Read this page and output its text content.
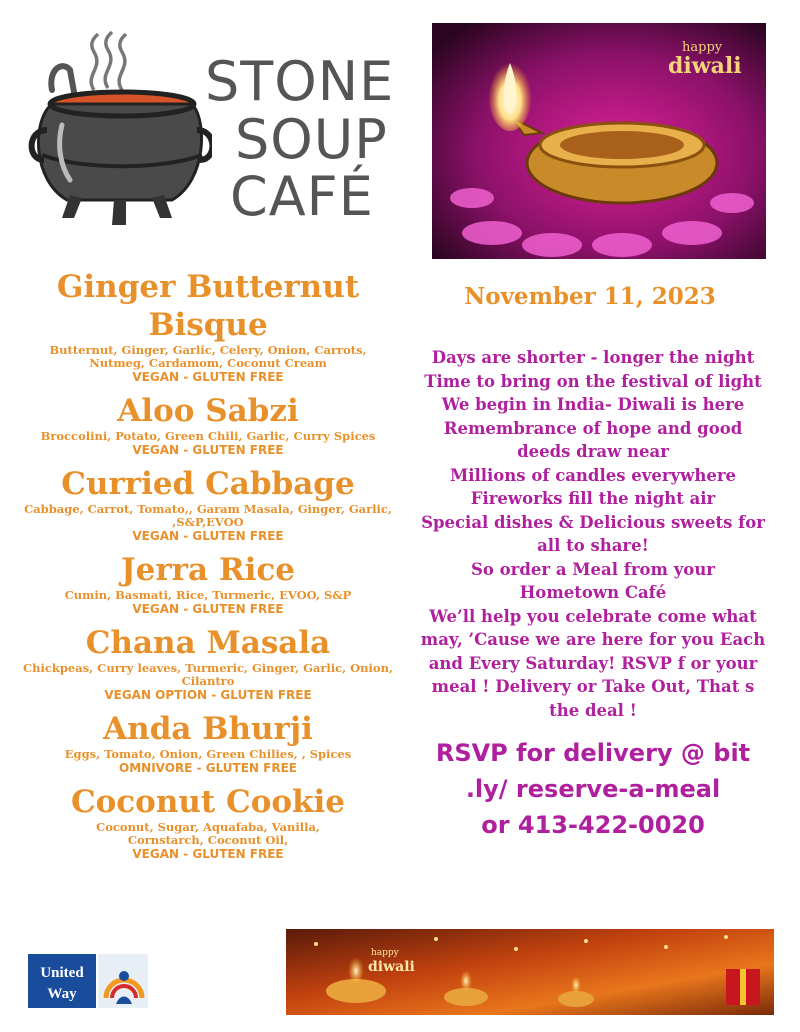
STONE
SOUP
CAFÉ
happy
diwali
Ginger Butternut Bisque
Butternut, Ginger, Garlic, Celery, Onion, Carrots, Nutmeg, Cardamom, Coconut Cream
VEGAN - GLUTEN FREE
Aloo Sabzi
Broccolini, Potato, Green Chili, Garlic, Curry Spices
VEGAN - GLUTEN FREE
Curried Cabbage
Cabbage, Carrot, Tomato,, Garam Masala, Ginger, Garlic, ,S&P,EVOO
VEGAN - GLUTEN FREE
Jerra Rice
Cumin, Basmati, Rice, Turmeric, EVOO, S&P
VEGAN - GLUTEN FREE
Chana Masala
Chickpeas, Curry leaves, Turmeric, Ginger, Garlic, Onion, Cilantro
VEGAN OPTION - GLUTEN FREE
Anda Bhurji
Eggs, Tomato, Onion, Green Chilies, , Spices
OMNIVORE - GLUTEN FREE
Coconut Cookie
Coconut, Sugar, Aquafaba, Vanilla, Cornstarch, Coconut Oil,
VEGAN - GLUTEN FREE
November 11, 2023
Days are shorter - longer the night
Time to bring on the festival of light
We begin in India- Diwali is here
Remembrance of hope and good
deeds draw near
Millions of candles everywhere
Fireworks fill the night air
Special dishes & Delicious sweets for
all to share!
So order a Meal from your
Hometown Café
We’ll help you celebrate come what
may, ’Cause we are here for you Each
and Every Saturday! RSVP f or your
meal ! Delivery or Take Out, That s
the deal !
RSVP for delivery @ bit
.ly/ reserve-a-meal
or 413-422-0020
United
Way
happy
diwali
